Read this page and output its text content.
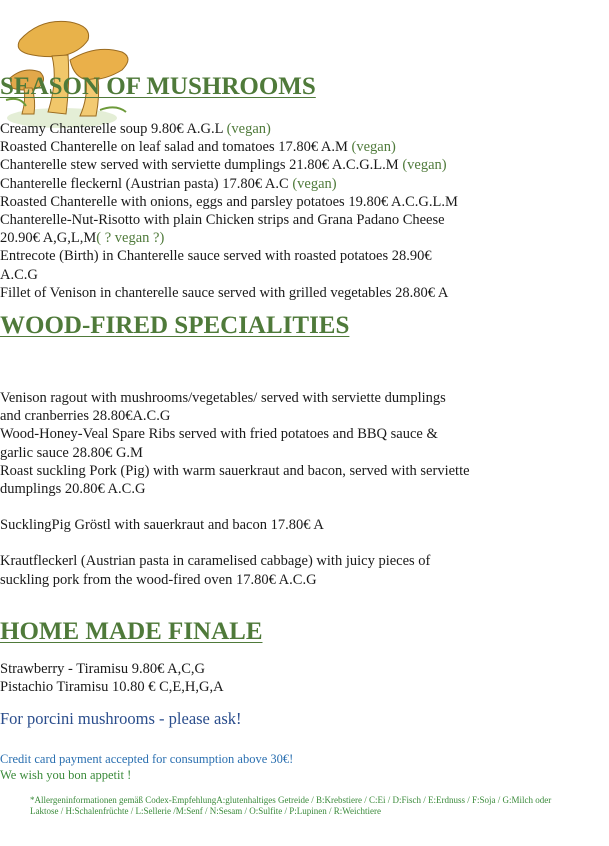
SEASON OF MUSHROOMS
Creamy Chanterelle soup 9.80€ A.G.L (vegan)
Roasted Chanterelle on leaf salad and tomatoes 17.80€ A.M (vegan)
Chanterelle stew served with serviette dumplings 21.80€ A.C.G.L.M (vegan)
Chanterelle fleckernl (Austrian pasta) 17.80€ A.C (vegan)
Roasted Chanterelle with onions, eggs and parsley potatoes 19.80€ A.C.G.L.M
Chanterelle-Nut-Risotto with plain Chicken strips and Grana Padano Cheese
20.90€ A,G,L,M( ? vegan ?)
Entrecote (Birth) in Chanterelle sauce served with roasted potatoes 28.90€
A.C.G
Fillet of Venison in chanterelle sauce served with grilled vegetables 28.80€ A
WOOD-FIRED SPECIALITIES
Venison ragout with mushrooms/vegetables/ served with serviette dumplings
and cranberries 28.80€A.C.G
Wood-Honey-Veal Spare Ribs served with fried potatoes and BBQ sauce &
garlic sauce 28.80€ G.M
Roast suckling Pork (Pig) with warm sauerkraut and bacon, served with serviette
dumplings 20.80€ A.C.G
SucklingPig Gröstl with sauerkraut and bacon 17.80€ A
Krautfleckerl (Austrian pasta in caramelised cabbage) with juicy pieces of
suckling pork from the wood-fired oven 17.80€ A.C.G
HOME MADE FINALE
Strawberry - Tiramisu 9.80€ A,C,G
Pistachio Tiramisu 10.80 € C,E,H,G,A
For porcini mushrooms - please ask!
Credit card payment accepted for consumption above 30€!
We wish you bon appetit !
*Allergeninformationen gemäß Codex-EmpfehlungA:glutenhaltiges Getreide / B:Krebstiere / C:Ei / D:Fisch / E:Erdnuss / F:Soja / G:Milch oder Laktose / H:Schalenfrüchte / L:Sellerie /M:Senf / N:Sesam / O:Sulfite / P:Lupinen / R:Weichtiere
